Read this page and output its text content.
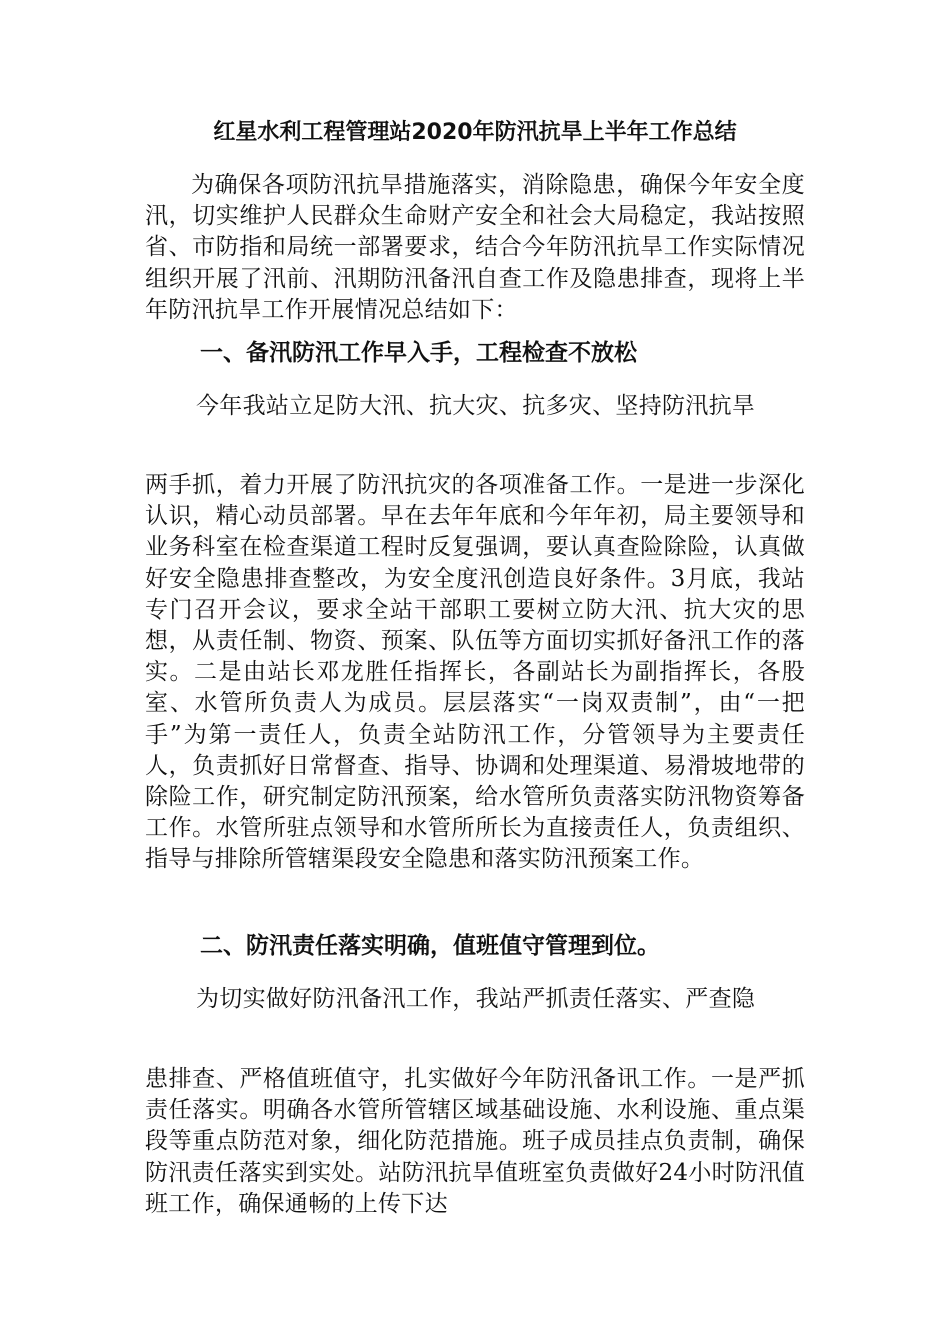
红星水利工程管理站2020年防汛抗旱上半年工作总结

为确保各项防汛抗旱措施落实，消除隐患，确保今年安全度汛，切实维护人民群众生命财产安全和社会大局稳定，我站按照省、市防指和局统一部署要求，结合今年防汛抗旱工作实际情况组织开展了汛前、汛期防汛备汛自查工作及隐患排查，现将上半年防汛抗旱工作开展情况总结如下：

一、备汛防汛工作早入手，工程检查不放松

今年我站立足防大汛、抗大灾、抗多灾、坚持防汛抗旱

两手抓，着力开展了防汛抗灾的各项准备工作。一是进一步深化认识，精心动员部署。早在去年年底和今年年初，局主要领导和业务科室在检查渠道工程时反复强调，要认真查险除险，认真做好安全隐患排查整改，为安全度汛创造良好条件。3月底，我站专门召开会议，要求全站干部职工要树立防大汛、抗大灾的思想，从责任制、物资、预案、队伍等方面切实抓好备汛工作的落实。二是由站长邓龙胜任指挥长，各副站长为副指挥长，各股室、水管所负责人为成员。层层落实“一岗双责制”，由“一把手”为第一责任人，负责全站防汛工作，分管领导为主要责任人，负责抓好日常督查、指导、协调和处理渠道、易滑坡地带的除险工作，研究制定防汛预案，给水管所负责落实防汛物资筹备工作。水管所驻点领导和水管所所长为直接责任人，负责组织、指导与排除所管辖渠段安全隐患和落实防汛预案工作。

二、防汛责任落实明确，值班值守管理到位。

为切实做好防汛备汛工作，我站严抓责任落实、严查隐

患排查、严格值班值守，扎实做好今年防汛备讯工作。一是严抓责任落实。明确各水管所管辖区域基础设施、水利设施、重点渠段等重点防范对象，细化防范措施。班子成员挂点负责制，确保防汛责任落实到实处。站防汛抗旱值班室负责做好24小时防汛值班工作，确保通畅的上传下达
